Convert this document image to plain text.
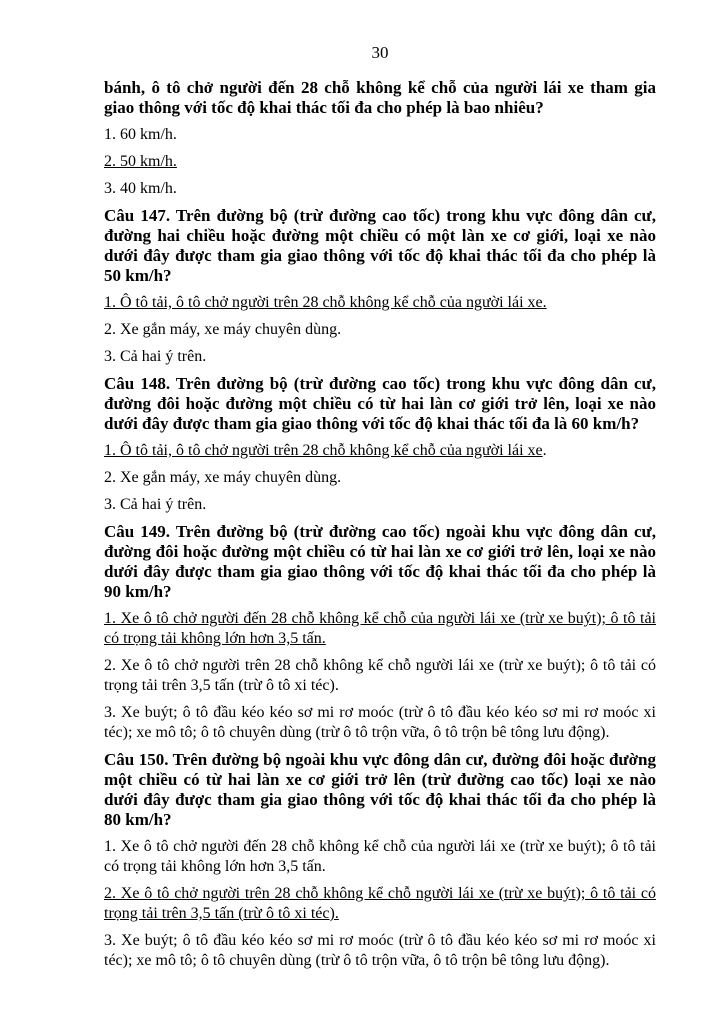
30

bánh, ô tô chở người đến 28 chỗ không kể chỗ của người lái xe tham gia giao thông với tốc độ khai thác tối đa cho phép là bao nhiêu?

1. 60 km/h.

2. 50 km/h.

3. 40 km/h.

Câu 147. Trên đường bộ (trừ đường cao tốc) trong khu vực đông dân cư, đường hai chiều hoặc đường một chiều có một làn xe cơ giới, loại xe nào dưới đây được tham gia giao thông với tốc độ khai thác tối đa cho phép là 50 km/h?

1. Ô tô tải, ô tô chở người trên 28 chỗ không kể chỗ của người lái xe.

2. Xe gắn máy, xe máy chuyên dùng.

3. Cả hai ý trên.

Câu 148. Trên đường bộ (trừ đường cao tốc) trong khu vực đông dân cư, đường đôi hoặc đường một chiều có từ hai làn cơ giới trở lên, loại xe nào dưới đây được tham gia giao thông với tốc độ khai thác tối đa là 60 km/h?

1. Ô tô tải, ô tô chở người trên 28 chỗ không kể chỗ của người lái xe.

2. Xe gắn máy, xe máy chuyên dùng.

3. Cả hai ý trên.

Câu 149. Trên đường bộ (trừ đường cao tốc) ngoài khu vực đông dân cư, đường đôi hoặc đường một chiều có từ hai làn xe cơ giới trở lên, loại xe nào dưới đây được tham gia giao thông với tốc độ khai thác tối đa cho phép là 90 km/h?

1. Xe ô tô chở người đến 28 chỗ không kể chỗ của người lái xe (trừ xe buýt); ô tô tải có trọng tải không lớn hơn 3,5 tấn.

2. Xe ô tô chở người trên 28 chỗ không kể chỗ người lái xe (trừ xe buýt); ô tô tải có trọng tải trên 3,5 tấn (trừ ô tô xi téc).

3. Xe buýt; ô tô đầu kéo kéo sơ mi rơ moóc (trừ ô tô đầu kéo kéo sơ mi rơ moóc xi téc); xe mô tô; ô tô chuyên dùng (trừ ô tô trộn vữa, ô tô trộn bê tông lưu động).

Câu 150. Trên đường bộ ngoài khu vực đông dân cư, đường đôi hoặc đường một chiều có từ hai làn xe cơ giới trở lên (trừ đường cao tốc) loại xe nào dưới đây được tham gia giao thông với tốc độ khai thác tối đa cho phép là 80 km/h?

1. Xe ô tô chở người đến 28 chỗ không kể chỗ của người lái xe (trừ xe buýt); ô tô tải có trọng tải không lớn hơn 3,5 tấn.

2. Xe ô tô chở người trên 28 chỗ không kể chỗ người lái xe (trừ xe buýt); ô tô tải có trọng tải trên 3,5 tấn (trừ ô tô xi téc).

3. Xe buýt; ô tô đầu kéo kéo sơ mi rơ moóc (trừ ô tô đầu kéo kéo sơ mi rơ moóc xi téc); xe mô tô; ô tô chuyên dùng (trừ ô tô trộn vữa, ô tô trộn bê tông lưu động).
